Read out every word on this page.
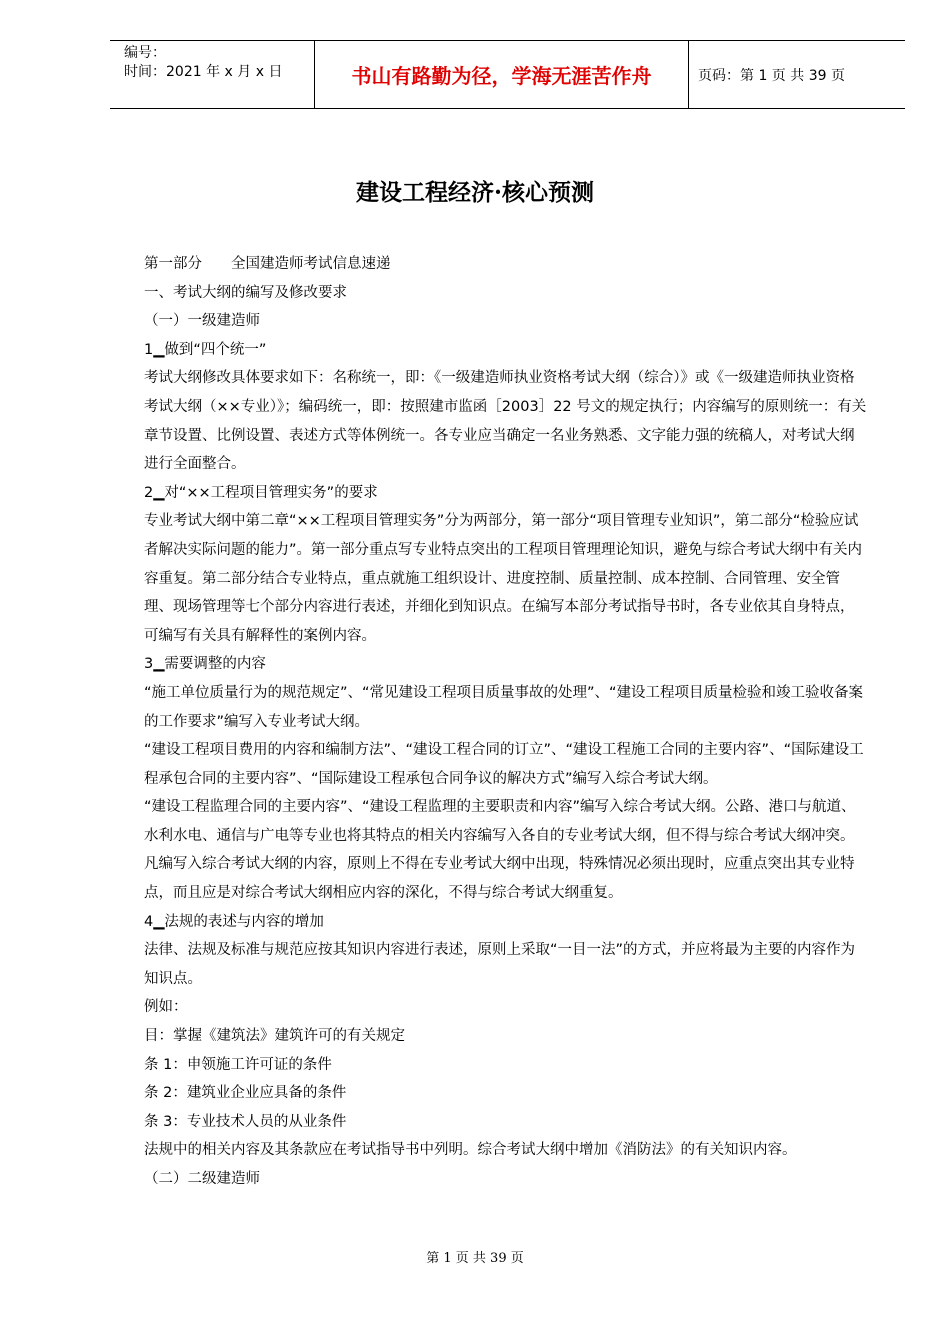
编号：
时间：2021 年 x 月 x 日	书山有路勤为径，学海无涯苦作舟	页码：第 1 页 共 39 页
建设工程经济·核心预测

第一部分　　全国建造师考试信息速递

一、考试大纲的编写及修改要求

（一）一级建造师

1▁做到“四个统一”

考试大纲修改具体要求如下：名称统一，即：《一级建造师执业资格考试大纲（综合）》或《一级建造师执业资格考试大纲（××专业）》；编码统一，即：按照建市监函［2003］22 号文的规定执行；内容编写的原则统一：有关章节设置、比例设置、表述方式等体例统一。各专业应当确定一名业务熟悉、文字能力强的统稿人，对考试大纲进行全面整合。

2▁对“××工程项目管理实务”的要求

专业考试大纲中第二章“××工程项目管理实务”分为两部分，第一部分“项目管理专业知识”，第二部分“检验应试者解决实际问题的能力”。第一部分重点写专业特点突出的工程项目管理理论知识，避免与综合考试大纲中有关内容重复。第二部分结合专业特点，重点就施工组织设计、进度控制、质量控制、成本控制、合同管理、安全管理、现场管理等七个部分内容进行表述，并细化到知识点。在编写本部分考试指导书时，各专业依其自身特点，可编写有关具有解释性的案例内容。

3▁需要调整的内容

“施工单位质量行为的规范规定”、“常见建设工程项目质量事故的处理”、“建设工程项目质量检验和竣工验收备案的工作要求”编写入专业考试大纲。

“建设工程项目费用的内容和编制方法”、“建设工程合同的订立”、“建设工程施工合同的主要内容”、“国际建设工程承包合同的主要内容”、“国际建设工程承包合同争议的解决方式”编写入综合考试大纲。

“建设工程监理合同的主要内容”、“建设工程监理的主要职责和内容”编写入综合考试大纲。公路、港口与航道、水利水电、通信与广电等专业也将其特点的相关内容编写入各自的专业考试大纲，但不得与综合考试大纲冲突。

凡编写入综合考试大纲的内容，原则上不得在专业考试大纲中出现，特殊情况必须出现时，应重点突出其专业特点，而且应是对综合考试大纲相应内容的深化，不得与综合考试大纲重复。

4▁法规的表述与内容的增加

法律、法规及标准与规范应按其知识内容进行表述，原则上采取“一目一法”的方式，并应将最为主要的内容作为知识点。

例如：

目：掌握《建筑法》建筑许可的有关规定

条 1：申领施工许可证的条件

条 2：建筑业企业应具备的条件

条 3：专业技术人员的从业条件

法规中的相关内容及其条款应在考试指导书中列明。综合考试大纲中增加《消防法》的有关知识内容。

（二）二级建造师

第 1 页 共 39 页
